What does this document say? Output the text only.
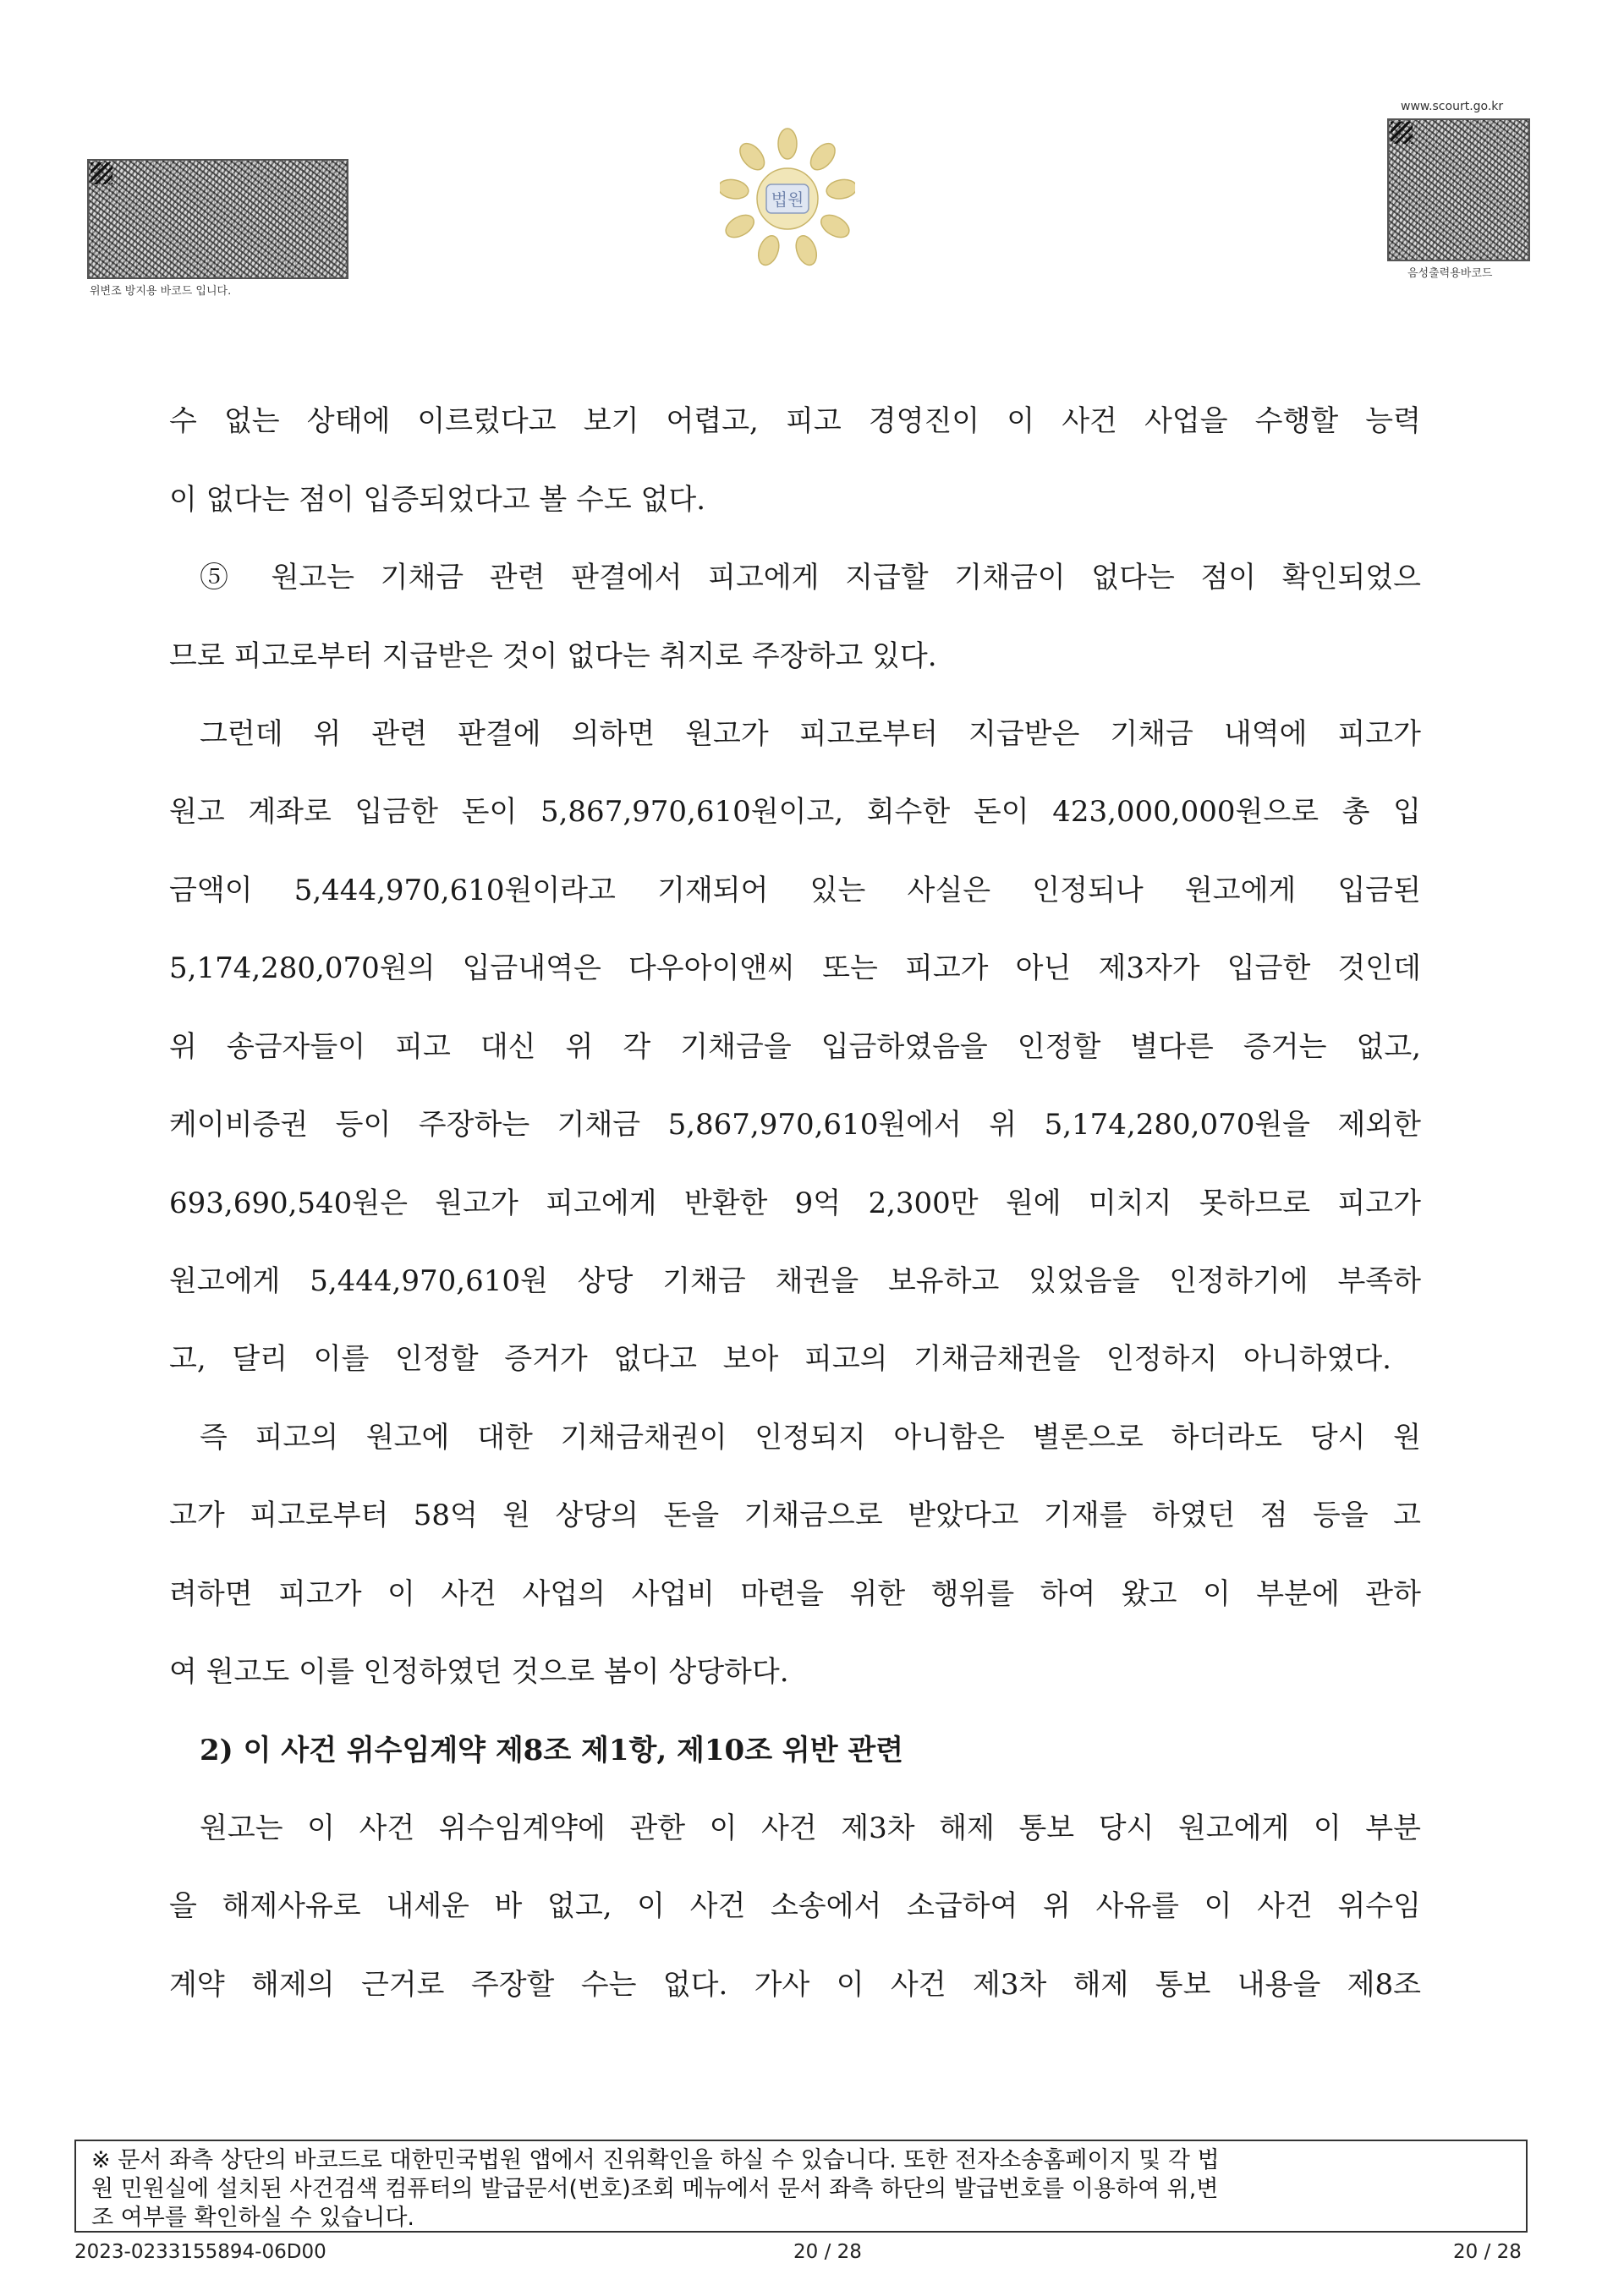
위변조 방지용 바코드 입니다.
법원
www.scourt.go.kr
음성출력용바코드
수 없는 상태에 이르렀다고 보기 어렵고, 피고 경영진이 이 사건 사업을 수행할 능력
이 없다는 점이 입증되었다고 볼 수도 없다.
⑤ 원고는 기채금 관련 판결에서 피고에게 지급할 기채금이 없다는 점이 확인되었으
므로 피고로부터 지급받은 것이 없다는 취지로 주장하고 있다.
그런데 위 관련 판결에 의하면 원고가 피고로부터 지급받은 기채금 내역에 피고가
원고 계좌로 입금한 돈이 5,867,970,610원이고, 회수한 돈이 423,000,000원으로 총 입
금액이 5,444,970,610원이라고 기재되어 있는 사실은 인정되나 원고에게 입금된
5,174,280,070원의 입금내역은 다우아이앤씨 또는 피고가 아닌 제3자가 입금한 것인데
위 송금자들이 피고 대신 위 각 기채금을 입금하였음을 인정할 별다른 증거는 없고,
케이비증권 등이 주장하는 기채금 5,867,970,610원에서 위 5,174,280,070원을 제외한
693,690,540원은 원고가 피고에게 반환한 9억 2,300만 원에 미치지 못하므로 피고가
원고에게 5,444,970,610원 상당 기채금 채권을 보유하고 있었음을 인정하기에 부족하
고, 달리 이를 인정할 증거가 없다고 보아 피고의 기채금채권을 인정하지 아니하였다.
즉 피고의 원고에 대한 기채금채권이 인정되지 아니함은 별론으로 하더라도 당시 원
고가 피고로부터 58억 원 상당의 돈을 기채금으로 받았다고 기재를 하였던 점 등을 고
려하면 피고가 이 사건 사업의 사업비 마련을 위한 행위를 하여 왔고 이 부분에 관하
여 원고도 이를 인정하였던 것으로 봄이 상당하다.
2) 이 사건 위수임계약 제8조 제1항, 제10조 위반 관련
원고는 이 사건 위수임계약에 관한 이 사건 제3차 해제 통보 당시 원고에게 이 부분
을 해제사유로 내세운 바 없고, 이 사건 소송에서 소급하여 위 사유를 이 사건 위수임
계약 해제의 근거로 주장할 수는 없다. 가사 이 사건 제3차 해제 통보 내용을 제8조
※ 문서 좌측 상단의 바코드로 대한민국법원 앱에서 진위확인을 하실 수 있습니다. 또한 전자소송홈페이지 및 각 법
원 민원실에 설치된 사건검색 컴퓨터의 발급문서(번호)조회 메뉴에서 문서 좌측 하단의 발급번호를 이용하여 위,변
조 여부를 확인하실 수 있습니다.
2023-0233155894-06D00	20 / 28	20 / 28
